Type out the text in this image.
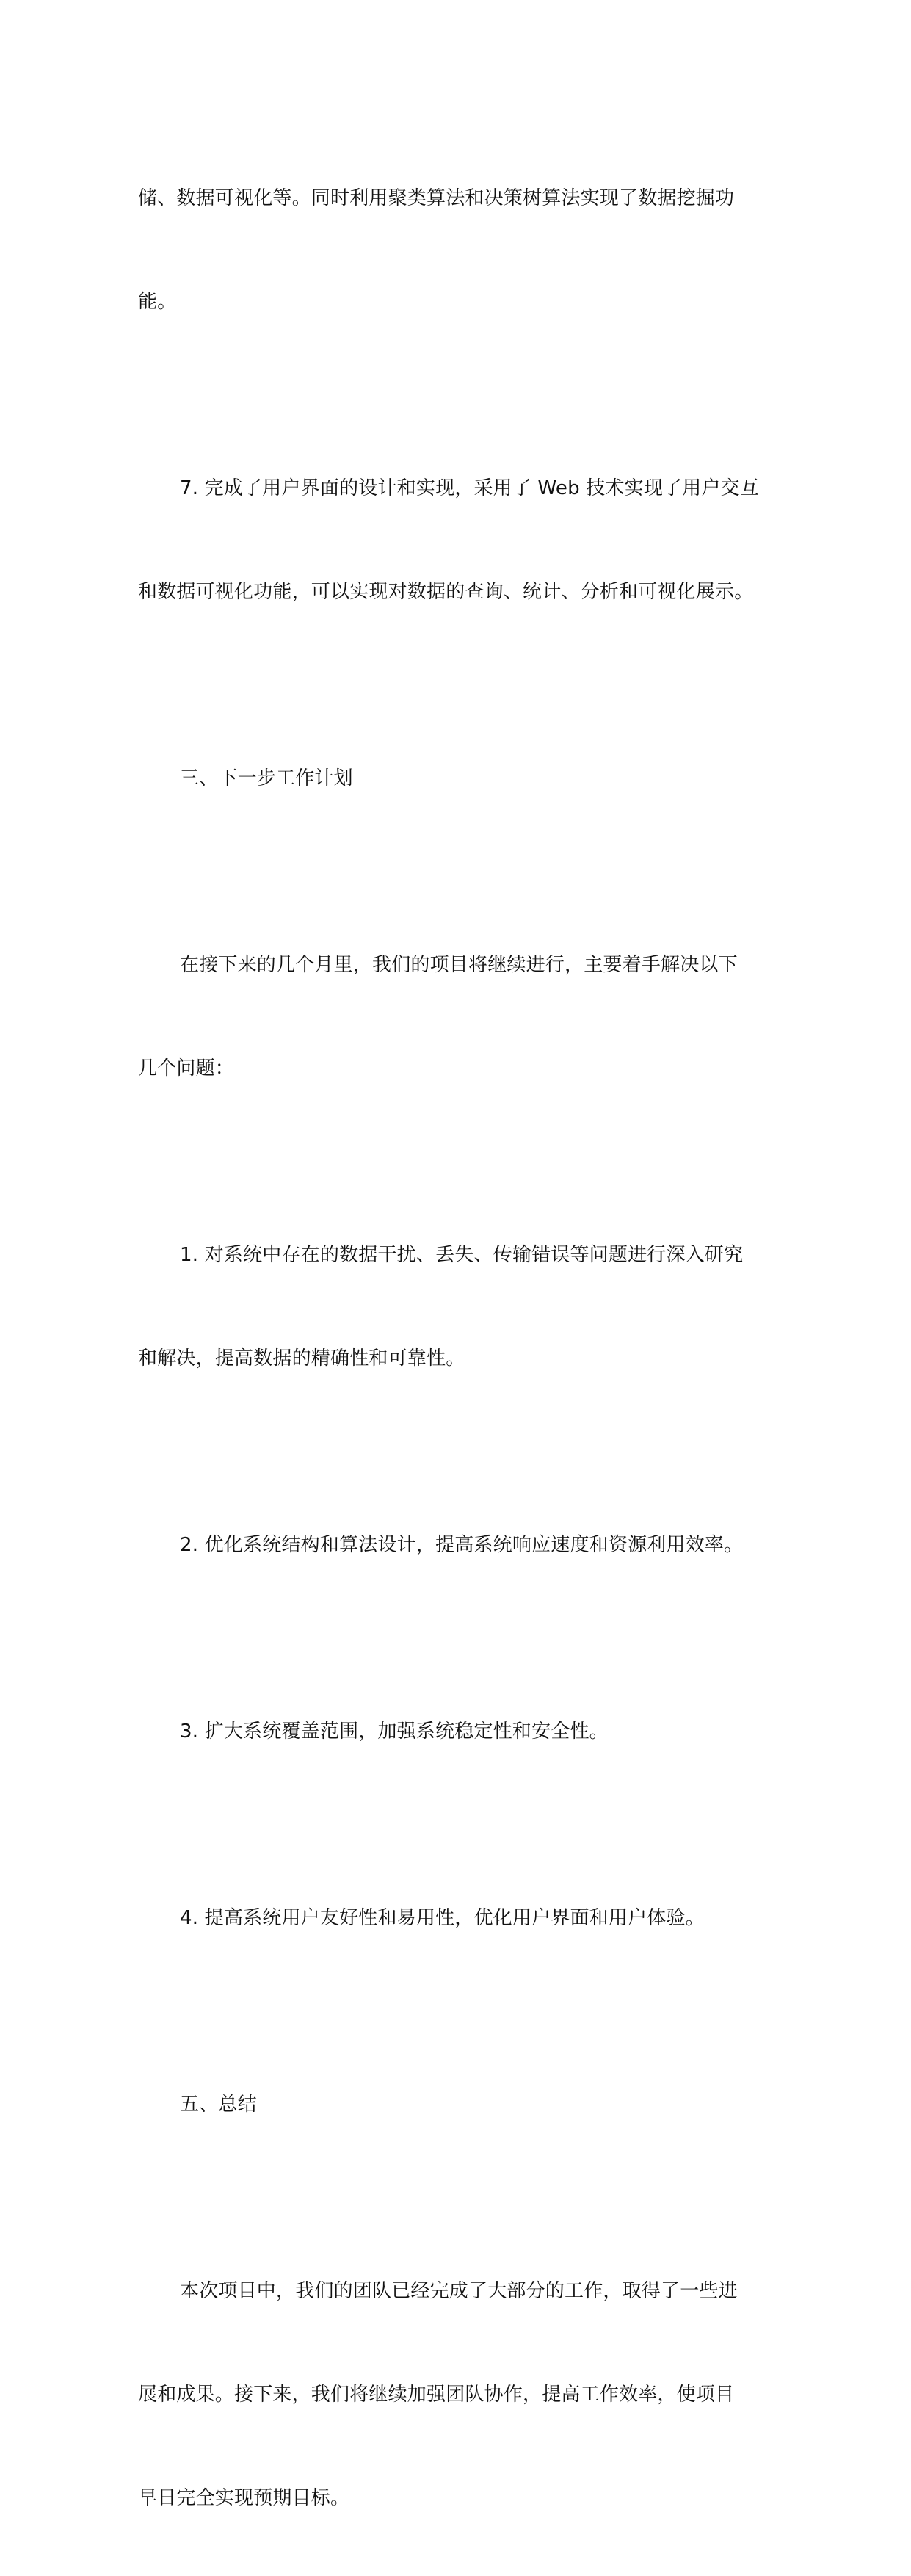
储、数据可视化等。同时利用聚类算法和决策树算法实现了数据挖掘功

能。

7. 完成了用户界面的设计和实现，采用了 Web 技术实现了用户交互

和数据可视化功能，可以实现对数据的查询、统计、分析和可视化展示。

三、下一步工作计划

在接下来的几个月里，我们的项目将继续进行，主要着手解决以下

几个问题：

1. 对系统中存在的数据干扰、丢失、传输错误等问题进行深入研究

和解决，提高数据的精确性和可靠性。

2. 优化系统结构和算法设计，提高系统响应速度和资源利用效率。

3. 扩大系统覆盖范围，加强系统稳定性和安全性。

4. 提高系统用户友好性和易用性，优化用户界面和用户体验。

五、总结

本次项目中，我们的团队已经完成了大部分的工作，取得了一些进

展和成果。接下来，我们将继续加强团队协作，提高工作效率，使项目

早日完全实现预期目标。
